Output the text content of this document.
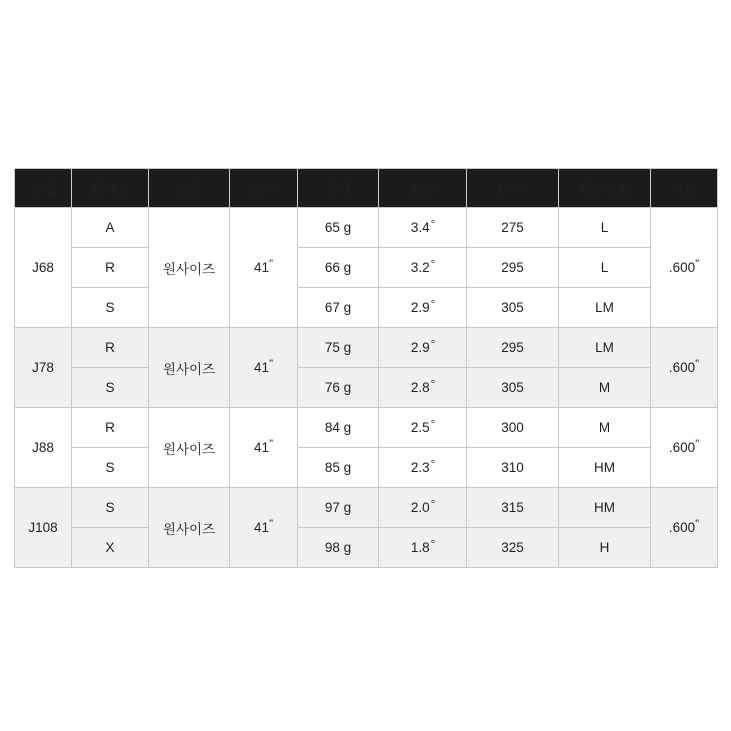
모델	플렉스	번호	길이	무게	토크	CPM	킥포인트	버트
J68	A	원사이즈	41"	65 g	3.4°	275	L	.600"
	R			66 g	3.2°	295	L	
	S			67 g	2.9°	305	LM	
J78	R	원사이즈	41"	75 g	2.9°	295	LM	.600"
	S			76 g	2.8°	305	M	
J88	R	원사이즈	41"	84 g	2.5°	300	M	.600"
	S			85 g	2.3°	310	HM	
J108	S	원사이즈	41"	97 g	2.0°	315	HM	.600"
	X			98 g	1.8°	325	H	
